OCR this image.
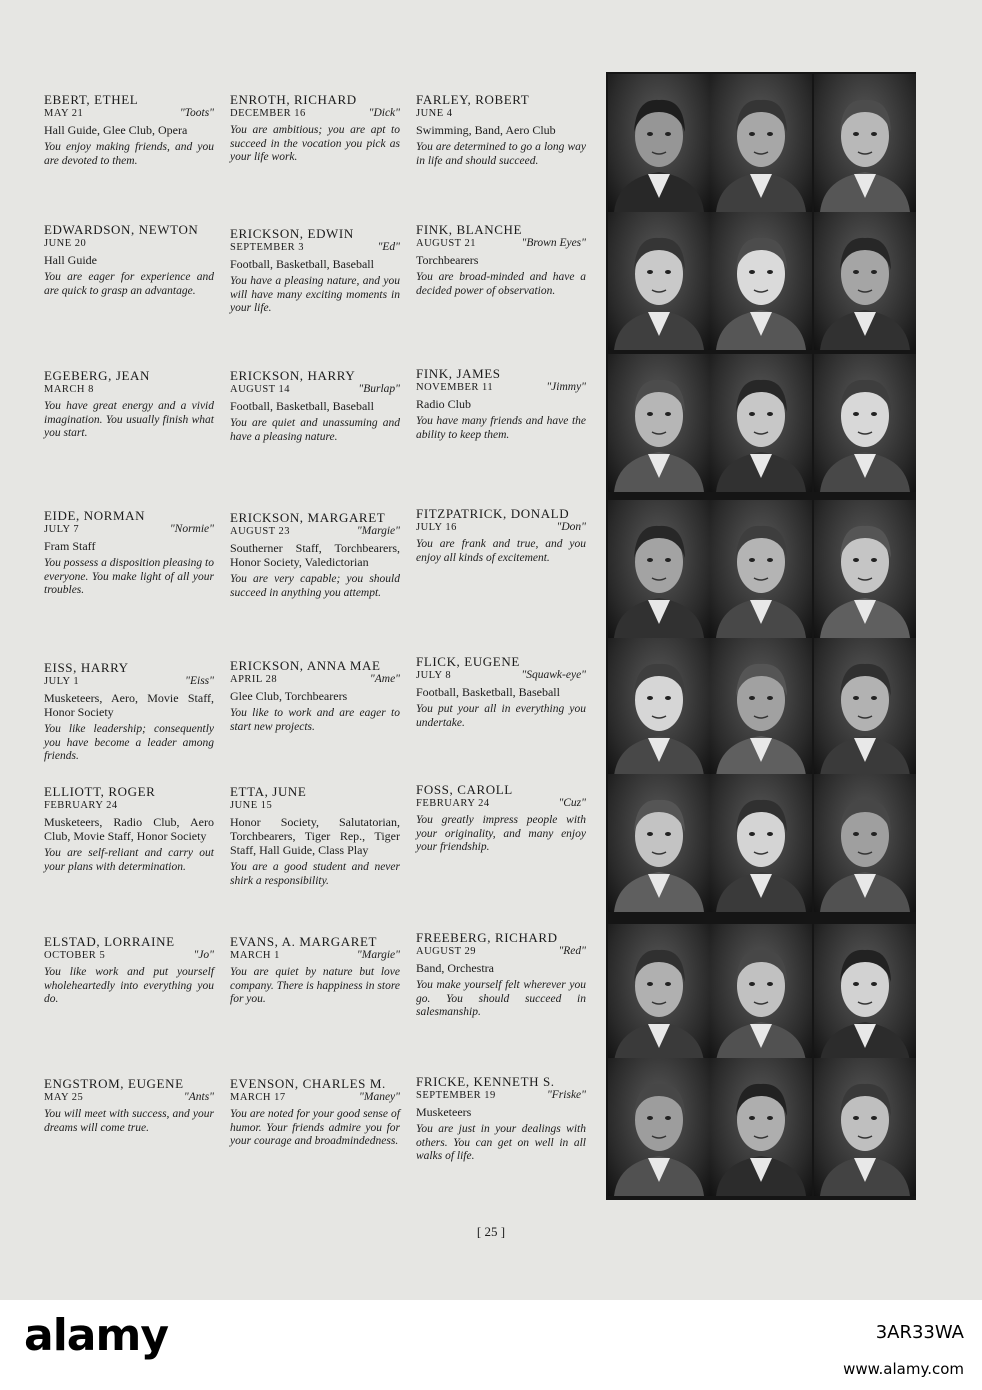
EBERT, ETHEL
MAY 21	"Toots"
Hall Guide, Glee Club, Opera
You enjoy making friends, and you are devoted to them.
EDWARDSON, NEWTON
JUNE 20
Hall Guide
You are eager for experience and are quick to grasp an advantage.
EGEBERG, JEAN
MARCH 8
You have great energy and a vivid imagination. You usually finish what you start.
EIDE, NORMAN
JULY 7	"Normie"
Fram Staff
You possess a disposition pleasing to everyone. You make light of all your troubles.
EISS, HARRY
JULY 1	"Eiss"
Musketeers, Aero, Movie Staff, Honor Society
You like leadership; consequently you have become a leader among friends.
ELLIOTT, ROGER
FEBRUARY 24
Musketeers, Radio Club, Aero Club, Movie Staff, Honor Society
You are self-reliant and carry out your plans with determination.
ELSTAD, LORRAINE
OCTOBER 5	"Jo"
You like work and put yourself wholeheartedly into everything you do.
ENGSTROM, EUGENE
MAY 25	"Ants"
You will meet with success, and your dreams will come true.
ENROTH, RICHARD
DECEMBER 16	"Dick"
You are ambitious; you are apt to succeed in the vocation you pick as your life work.
ERICKSON, EDWIN
SEPTEMBER 3	"Ed"
Football, Basketball, Baseball
You have a pleasing nature, and you will have many exciting moments in your life.
ERICKSON, HARRY
AUGUST 14	"Burlap"
Football, Basketball, Baseball
You are quiet and unassuming and have a pleasing nature.
ERICKSON, MARGARET
AUGUST 23	"Margie"
Southerner Staff, Torchbearers, Honor Society, Valedictorian
You are very capable; you should succeed in anything you attempt.
ERICKSON, ANNA MAE
APRIL 28	"Ame"
Glee Club, Torchbearers
You like to work and are eager to start new projects.
ETTA, JUNE
JUNE 15
Honor Society, Salutatorian, Torchbearers, Tiger Rep., Tiger Staff, Hall Guide, Class Play
You are a good student and never shirk a responsibility.
EVANS, A. MARGARET
MARCH 1	"Margie"
You are quiet by nature but love company. There is happiness in store for you.
EVENSON, CHARLES M.
MARCH 17	"Maney"
You are noted for your good sense of humor. Your friends admire you for your courage and broadmindedness.
FARLEY, ROBERT
JUNE 4
Swimming, Band, Aero Club
You are determined to go a long way in life and should succeed.
FINK, BLANCHE
AUGUST 21	"Brown Eyes"
Torchbearers
You are broad-minded and have a decided power of observation.
FINK, JAMES
NOVEMBER 11	"Jimmy"
Radio Club
You have many friends and have the ability to keep them.
FITZPATRICK, DONALD
JULY 16	"Don"
You are frank and true, and you enjoy all kinds of excitement.
FLICK, EUGENE
JULY 8	"Squawk-eye"
Football, Basketball, Baseball
You put your all in everything you undertake.
FOSS, CAROLL
FEBRUARY 24	"Cuz"
You greatly impress people with your originality, and many enjoy your friendship.
FREEBERG, RICHARD
AUGUST 29	"Red"
Band, Orchestra
You make yourself felt wherever you go. You should succeed in salesmanship.
FRICKE, KENNETH S.
SEPTEMBER 19	"Friske"
Musketeers
You are just in your dealings with others. You can get on well in all walks of life.
[ 25 ]
alamy	3AR33WA
www.alamy.com
